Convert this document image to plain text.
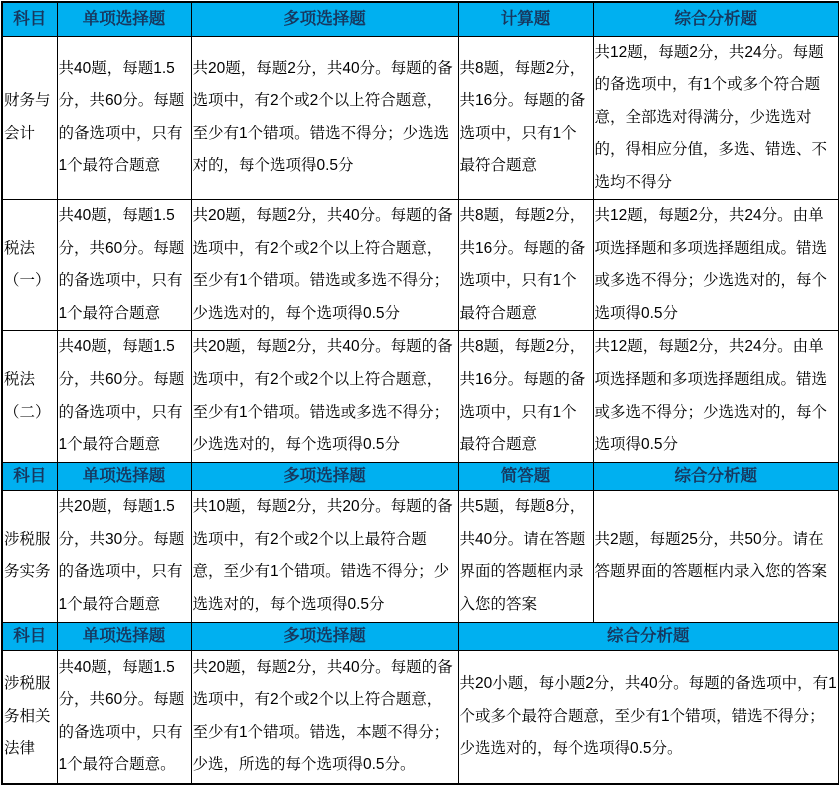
科目	单项选择题	多项选择题	计算题	综合分析题
财务与会计	共40题，每题1.5分，共60分。每题的备选项中，只有1个最符合题意	共20题，每题2分，共40分。每题的备选项中，有2个或2个以上符合题意，至少有1个错项。错选不得分；少选选对的，每个选项得0.5分	共8题，每题2分，共16分。每题的备选项中，只有1个最符合题意	共12题，每题2分，共24分。每题的备选项中，有1个或多个符合题意，全部选对得满分，少选选对的，得相应分值，多选、错选、不选均不得分
税法（一）	共40题，每题1.5分，共60分。每题的备选项中，只有1个最符合题意	共20题，每题2分，共40分。每题的备选项中，有2个或2个以上符合题意，至少有1个错项。错选或多选不得分；少选选对的，每个选项得0.5分	共8题，每题2分，共16分。每题的备选项中，只有1个最符合题意	共12题，每题2分，共24分。由单项选择题和多项选择题组成。错选或多选不得分；少选选对的，每个选项得0.5分
税法（二）	共40题，每题1.5分，共60分。每题的备选项中，只有1个最符合题意	共20题，每题2分，共40分。每题的备选项中，有2个或2个以上符合题意，至少有1个错项。错选或多选不得分；少选选对的，每个选项得0.5分	共8题，每题2分，共16分。每题的备选项中，只有1个最符合题意	共12题，每题2分，共24分。由单项选择题和多项选择题组成。错选或多选不得分；少选选对的，每个选项得0.5分
科目	单项选择题	多项选择题	简答题	综合分析题
涉税服务实务	共20题，每题1.5分，共30分。每题的备选项中，只有1个最符合题意	共10题，每题2分，共20分。每题的备选项中，有2个或2个以上最符合题意，至少有1个错项。错选不得分；少选选对的，每个选项得0.5分	共5题，每题8分，共40分。请在答题界面的答题框内录入您的答案	共2题，每题25分，共50分。请在答题界面的答题框内录入您的答案
科目	单项选择题	多项选择题	综合分析题	
涉税服务相关法律	共40题，每题1.5分，共60分。每题的备选项中，只有1个最符合题意。	共20题，每题2分，共40分。每题的备选项中，有2个或2个以上符合题意，至少有1个错项。错选，本题不得分；少选，所选的每个选项得0.5分。	共20小题，每小题2分，共40分。每题的备选项中，有1个或多个最符合题意，至少有1个错项，错选不得分；少选选对的，每个选项得0.5分。	
